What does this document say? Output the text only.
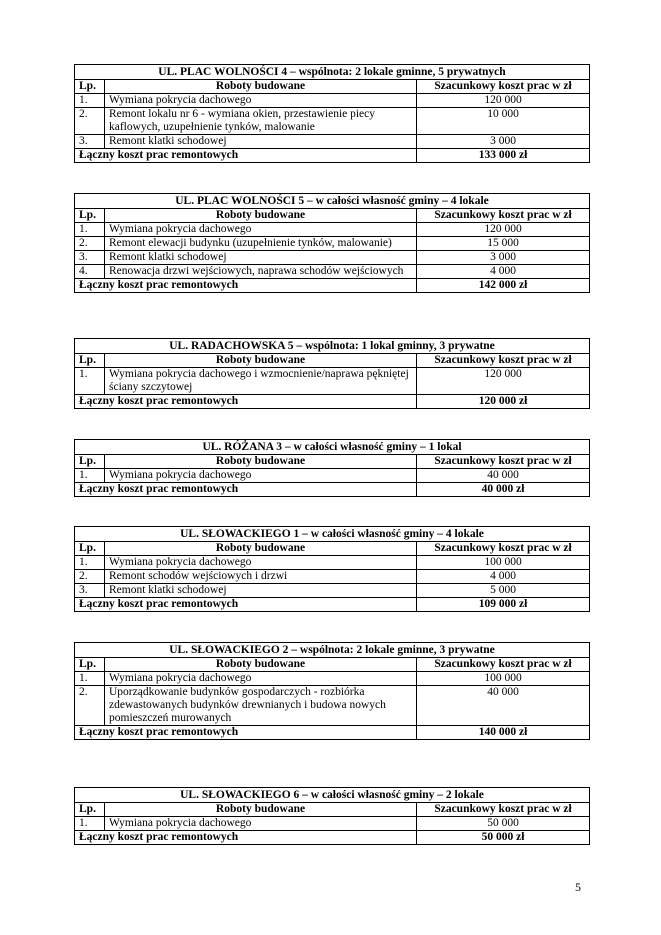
UL. PLAC WOLNOŚCI 4 – wspólnota: 2 lokale gminne, 5 prywatnych		
Lp.	Roboty budowane	Szacunkowy koszt prac w zł
1.	Wymiana pokrycia dachowego	120 000
2.	Remont lokalu nr 6 - wymiana okien, przestawienie piecy kaflowych, uzupełnienie tynków, malowanie	10 000
3.	Remont klatki schodowej	3 000
Łączny koszt prac remontowych		133 000 zł
UL. PLAC WOLNOŚCI 5 – w całości własność gminy – 4 lokale		
Lp.	Roboty budowane	Szacunkowy koszt prac w zł
1.	Wymiana pokrycia dachowego	120 000
2.	Remont elewacji budynku (uzupełnienie tynków, malowanie)	15 000
3.	Remont klatki schodowej	3 000
4.	Renowacja drzwi wejściowych, naprawa schodów wejściowych	4 000
Łączny koszt prac remontowych		142 000 zł
UL. RADACHOWSKA 5 – wspólnota: 1 lokal gminny, 3 prywatne		
Lp.	Roboty budowane	Szacunkowy koszt prac w zł
1.	Wymiana pokrycia dachowego i wzmocnienie/naprawa pękniętej ściany szczytowej	120 000
Łączny koszt prac remontowych		120 000 zł
UL. RÓŻANA 3 – w całości własność gminy – 1 lokal		
Lp.	Roboty budowane	Szacunkowy koszt prac w zł
1.	Wymiana pokrycia dachowego	40 000
Łączny koszt prac remontowych		40 000 zł
UL. SŁOWACKIEGO 1 – w całości własność gminy – 4 lokale		
Lp.	Roboty budowane	Szacunkowy koszt prac w zł
1.	Wymiana pokrycia dachowego	100 000
2.	Remont schodów wejściowych i drzwi	4 000
3.	Remont klatki schodowej	5 000
Łączny koszt prac remontowych		109 000 zł
UL. SŁOWACKIEGO 2 – wspólnota: 2 lokale gminne, 3 prywatne		
Lp.	Roboty budowane	Szacunkowy koszt prac w zł
1.	Wymiana pokrycia dachowego	100 000
2.	Uporządkowanie budynków gospodarczych - rozbiórka zdewastowanych budynków drewnianych i budowa nowych pomieszczeń murowanych	40 000
Łączny koszt prac remontowych		140 000 zł
UL. SŁOWACKIEGO 6 – w całości własność gminy – 2 lokale		
Lp.	Roboty budowane	Szacunkowy koszt prac w zł
1.	Wymiana pokrycia dachowego	50 000
Łączny koszt prac remontowych		50 000 zł
5
